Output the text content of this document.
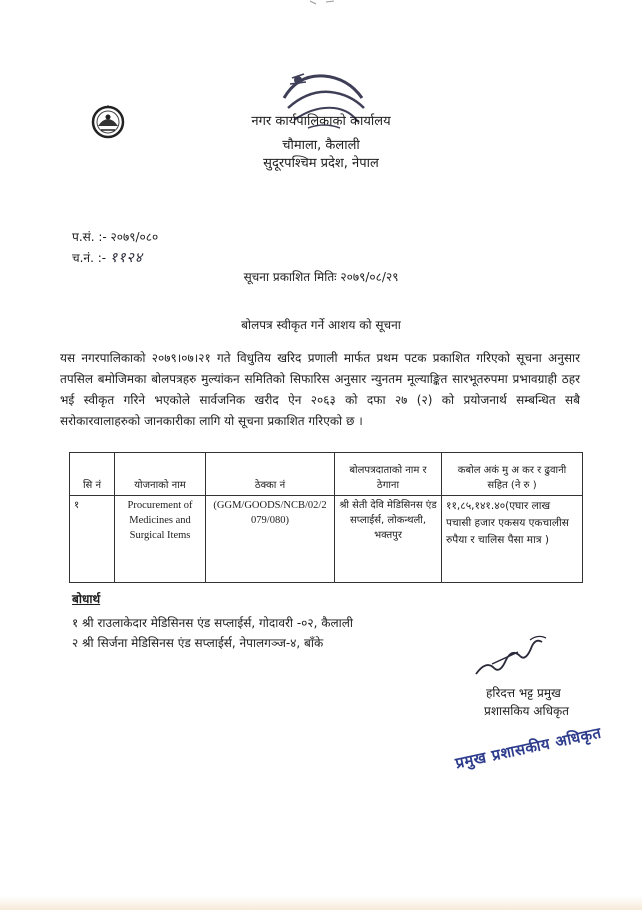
नगर कार्यपालिकाको कार्यालय
चौमाला, कैलाली
सुदूरपश्चिम प्रदेश, नेपाल
प.सं. :- २०७९/०८०
च.नं. :- ११२४
सूचना प्रकाशित मितिः २०७९/०८/२९
बोलपत्र स्वीकृत गर्ने आशय को सूचना
यस नगरपालिकाको २०७९।०७।२१ गते विधुतिय खरिद प्रणाली मार्फत प्रथम पटक प्रकाशित गरिएको सूचना अनुसार तपसिल बमोजिमका बोलपत्रहरु मुल्यांकन समितिको सिफारिस अनुसार न्युनतम मूल्याङ्कित सारभूतरुपमा प्रभावग्राही ठहर भई स्वीकृत गरिने भएकोले सार्वजनिक खरीद ऐन २०६३ को दफा २७ (२) को प्रयोजनार्थ सम्बन्धित सबै सरोकारवालाहरुको जानकारीका लागि यो सूचना प्रकाशित गरिएको छ ।
सि नं	योजनाको नाम	ठेक्का नं	बोलपत्रदाताको नाम र ठेगाना	कबोल अकं मु अ कर र ढुवानी सहित (ने रु )
१	Procurement of Medicines and Surgical Items	(GGM/GOODS/NCB/02/2 079/080)	श्री सेती देवि मेडिसिनस एंड सप्लाईर्स, लोकन्थली, भक्तपुर	११,८५,१४१.४०(एघार लाख पचासी हजार एकसय एकचालीस रुपैया र चालिस पैसा मात्र )
बोधार्थ
१ श्री राउलाकेदार मेडिसिनस एंड सप्लाईर्स, गोदावरी -०२, कैलाली
२ श्री सिर्जना मेडिसिनस एंड सप्लाईर्स, नेपालगञ्ज-४, बाँके
हरिदत्त भट्ट प्रमुख
प्रशासकिय अधिकृत
प्रमुख प्रशासकीय अधिकृत
